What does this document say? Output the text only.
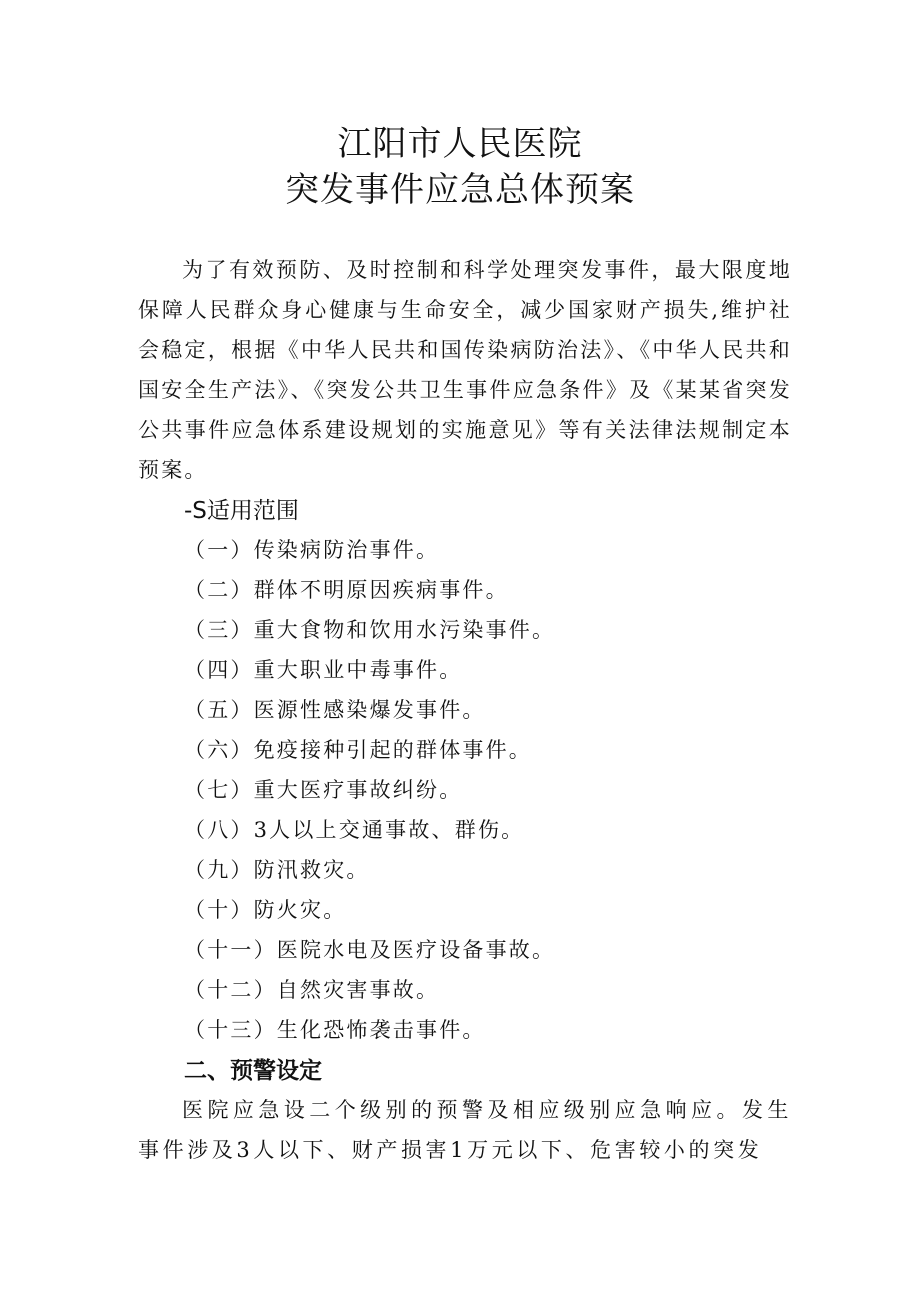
江阳市人民医院
突发事件应急总体预案

为了有效预防、及时控制和科学处理突发事件，最大限度地保障人民群众身心健康与生命安全，减少国家财产损失,维护社会稳定，根据《中华人民共和国传染病防治法》、《中华人民共和国安全生产法》、《突发公共卫生事件应急条件》及《某某省突发公共事件应急体系建设规划的实施意见》等有关法律法规制定本预案。

-S适用范围
（一）传染病防治事件。
（二）群体不明原因疾病事件。
（三）重大食物和饮用水污染事件。
（四）重大职业中毒事件。
（五）医源性感染爆发事件。
（六）免疫接种引起的群体事件。
（七）重大医疗事故纠纷。
（八）3人以上交通事故、群伤。
（九）防汛救灾。
（十）防火灾。
（十一）医院水电及医疗设备事故。
（十二）自然灾害事故。
（十三）生化恐怖袭击事件。
二、预警设定

医院应急设二个级别的预警及相应级别应急响应。发生事件涉及3人以下、财产损害1万元以下、危害较小的突发
